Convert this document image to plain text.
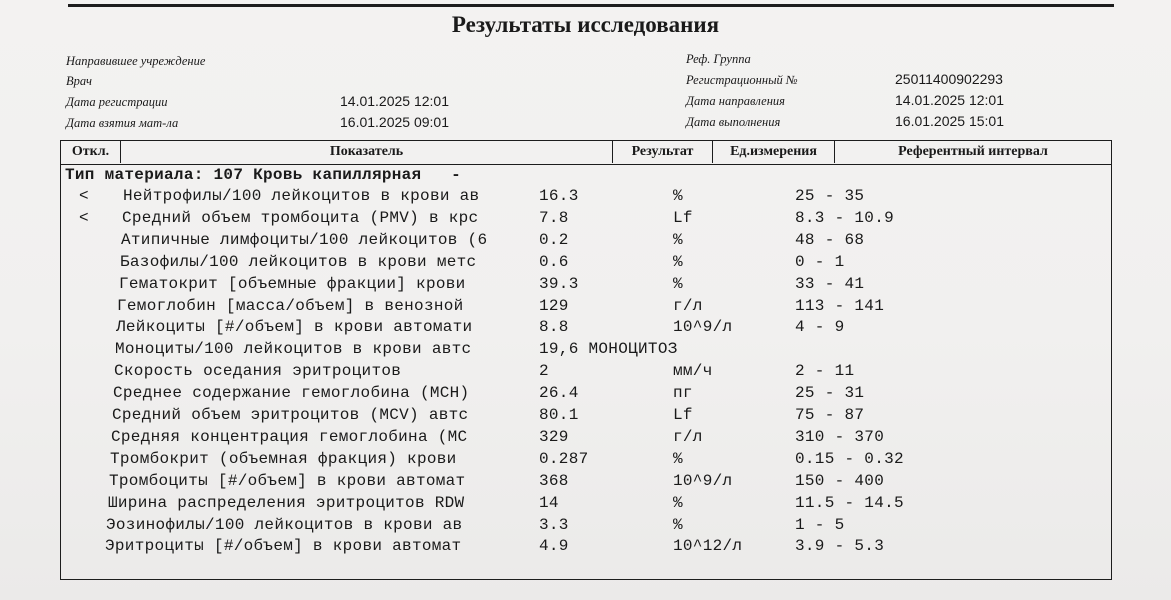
Результаты исследования
Направившее учреждение
Врач
Дата регистрации	14.01.2025 12:01
Дата взятия мат-ла	16.01.2025 09:01
Реф. Группа
Регистрационный №	25011400902293
Дата направления	14.01.2025 12:01
Дата выполнения	16.01.2025 15:01
Откл.	Показатель	Результат	Ед.измерения	Референтный интервал
Тип материала: 107 Кровь капиллярная   -
< Нейтрофилы/100 лейкоцитов в крови ав	16.3	%	25 - 35
< Средний объем тромбоцита (PMV) в крс	7.8	Lf	8.3 - 10.9
Атипичные лимфоциты/100 лейкоцитов (6	0.2	%	48 - 68
Базофилы/100 лейкоцитов в крови метс	0.6	%	0 - 1
Гематокрит [объемные фракции] крови	39.3	%	33 - 41
Гемоглобин [масса/объем] в венозной	129	г/л	113 - 141
Лейкоциты [#/объем] в крови автомати	8.8	10^9/л	4 - 9
Моноциты/100 лейкоцитов в крови автс	19,6 МОНОЦИТОЗ
Скорость оседания эритроцитов	2	мм/ч	2 - 11
Среднее содержание гемоглобина (MCH)	26.4	пг	25 - 31
Средний объем эритроцитов (MCV) автс	80.1	Lf	75 - 87
Средняя концентрация гемоглобина (MC	329	г/л	310 - 370
Тромбокрит (объемная фракция) крови	0.287	%	0.15 - 0.32
Тромбоциты [#/объем] в крови автомат	368	10^9/л	150 - 400
Ширина распределения эритроцитов RDW	14	%	11.5 - 14.5
Эозинофилы/100 лейкоцитов в крови ав	3.3	%	1 - 5
Эритроциты [#/объем] в крови автомат	4.9	10^12/л	3.9 - 5.3
